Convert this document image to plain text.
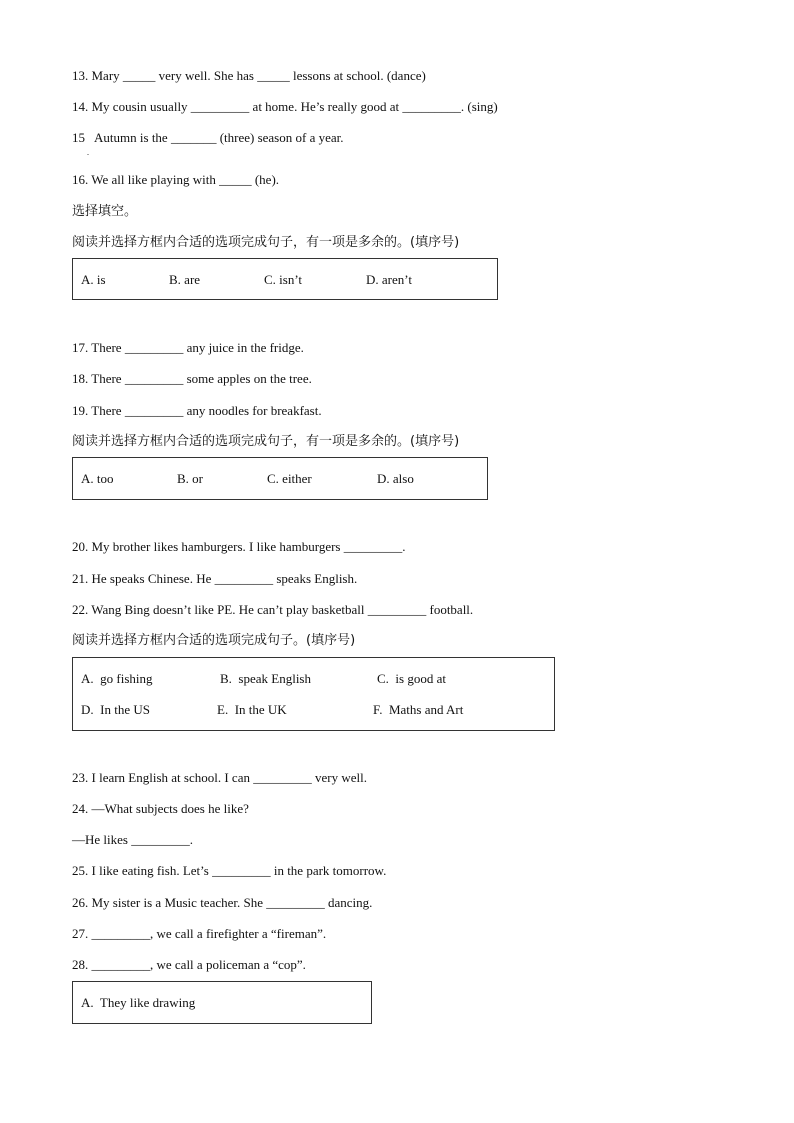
13. Mary _____ very well. She has _____ lessons at school. (dance)
14. My cousin usually _________ at home. He’s really good at _________. (sing)
15   Autumn is the _______ (three) season of a year.
.
16. We all like playing with _____ (he).
选择填空。
阅读并选择方框内合适的选项完成句子，有一项是多余的。(填序号)
A. is	B. are	C. isn’t	D. aren’t
17. There _________ any juice in the fridge.
18. There _________ some apples on the tree.
19. There _________ any noodles for breakfast.
阅读并选择方框内合适的选项完成句子，有一项是多余的。(填序号)
A. too	B. or	C. either	D. also
20. My brother likes hamburgers. I like hamburgers _________.
21. He speaks Chinese. He _________ speaks English.
22. Wang Bing doesn’t like PE. He can’t play basketball _________ football.
阅读并选择方框内合适的选项完成句子。(填序号)
A.  go fishing	B.  speak English	C.  is good at
D.  In the US	E.  In the UK	F.  Maths and Art
23. I learn English at school. I can _________ very well.
24. —What subjects does he like?
—He likes _________.
25. I like eating fish. Let’s _________ in the park tomorrow.
26. My sister is a Music teacher. She _________ dancing.
27. _________, we call a firefighter a “fireman”.
28. _________, we call a policeman a “cop”.
A.  They like drawing
